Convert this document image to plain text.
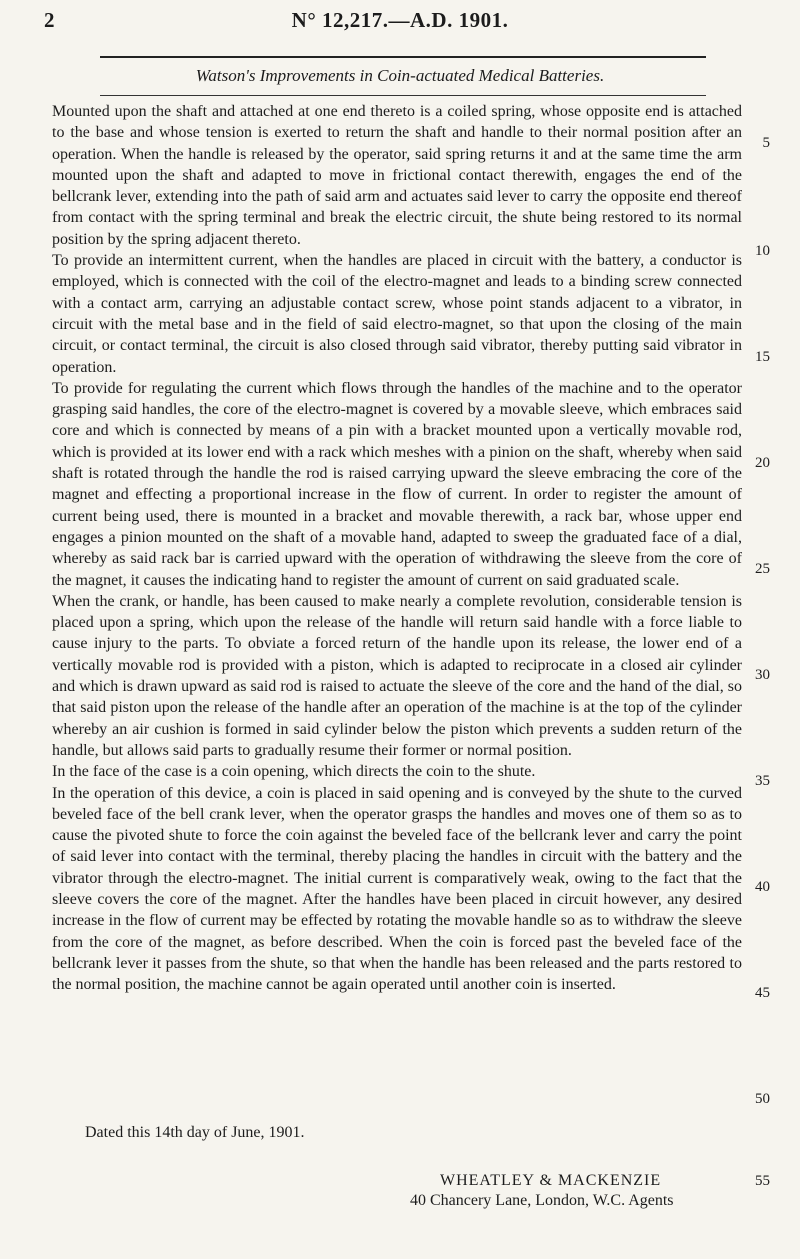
2	N° 12,217.—A.D. 1901.
Watson's Improvements in Coin-actuated Medical Batteries.

Mounted upon the shaft and attached at one end thereto is a coiled spring, whose opposite end is attached to the base and whose tension is exerted to return the shaft and handle to their normal position after an operation. When the handle is released by the operator, said spring returns it and at the same time the arm mounted upon the shaft and adapted to move in frictional contact therewith, engages the end of the bellcrank lever, extending into the path of said arm and actuates said lever to carry the opposite end thereof from contact with the spring terminal and break the electric circuit, the shute being restored to its normal position by the spring adjacent thereto.

To provide an intermittent current, when the handles are placed in circuit with the battery, a conductor is employed, which is connected with the coil of the electro-magnet and leads to a binding screw connected with a contact arm, carrying an adjustable contact screw, whose point stands adjacent to a vibrator, in circuit with the metal base and in the field of said electro-magnet, so that upon the closing of the main circuit, or contact terminal, the circuit is also closed through said vibrator, thereby putting said vibrator in operation.

To provide for regulating the current which flows through the handles of the machine and to the operator grasping said handles, the core of the electro-magnet is covered by a movable sleeve, which embraces said core and which is connected by means of a pin with a bracket mounted upon a vertically movable rod, which is provided at its lower end with a rack which meshes with a pinion on the shaft, whereby when said shaft is rotated through the handle the rod is raised carrying upward the sleeve embracing the core of the magnet and effecting a proportional increase in the flow of current. In order to register the amount of current being used, there is mounted in a bracket and movable therewith, a rack bar, whose upper end engages a pinion mounted on the shaft of a movable hand, adapted to sweep the graduated face of a dial, whereby as said rack bar is carried upward with the operation of withdrawing the sleeve from the core of the magnet, it causes the indicating hand to register the amount of current on said graduated scale.

When the crank, or handle, has been caused to make nearly a complete revolution, considerable tension is placed upon a spring, which upon the release of the handle will return said handle with a force liable to cause injury to the parts. To obviate a forced return of the handle upon its release, the lower end of a vertically movable rod is provided with a piston, which is adapted to reciprocate in a closed air cylinder and which is drawn upward as said rod is raised to actuate the sleeve of the core and the hand of the dial, so that said piston upon the release of the handle after an operation of the machine is at the top of the cylinder whereby an air cushion is formed in said cylinder below the piston which prevents a sudden return of the handle, but allows said parts to gradually resume their former or normal position.

In the face of the case is a coin opening, which directs the coin to the shute.

In the operation of this device, a coin is placed in said opening and is conveyed by the shute to the curved beveled face of the bell crank lever, when the operator grasps the handles and moves one of them so as to cause the pivoted shute to force the coin against the beveled face of the bellcrank lever and carry the point of said lever into contact with the terminal, thereby placing the handles in circuit with the battery and the vibrator through the electro-magnet. The initial current is comparatively weak, owing to the fact that the sleeve covers the core of the magnet. After the handles have been placed in circuit however, any desired increase in the flow of current may be effected by rotating the movable handle so as to withdraw the sleeve from the core of the magnet, as before described. When the coin is forced past the beveled face of the bellcrank lever it passes from the shute, so that when the handle has been released and the parts restored to the normal position, the machine cannot be again operated until another coin is inserted.

5
10
15
20
25
30
35
40
45
50
Dated this 14th day of June, 1901.
WHEATLEY & MACKENZIE	55
40 Chancery Lane, London, W.C. Agents
